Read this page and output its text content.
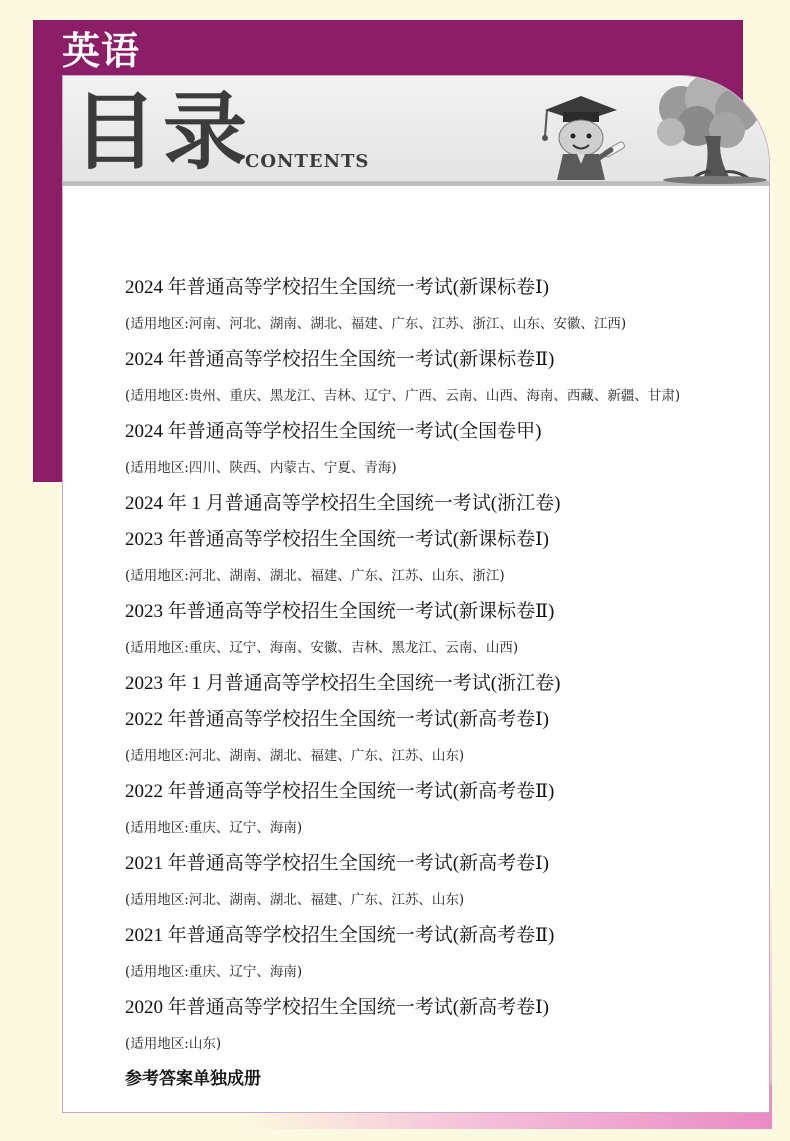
英语
目录
CONTENTS
2024 年普通高等学校招生全国统一考试(新课标卷Ⅰ)
(适用地区:河南、河北、湖南、湖北、福建、广东、江苏、浙江、山东、安徽、江西)
2024 年普通高等学校招生全国统一考试(新课标卷Ⅱ)
(适用地区:贵州、重庆、黑龙江、吉林、辽宁、广西、云南、山西、海南、西藏、新疆、甘肃)
2024 年普通高等学校招生全国统一考试(全国卷甲)
(适用地区:四川、陕西、内蒙古、宁夏、青海)
2024 年 1 月普通高等学校招生全国统一考试(浙江卷)
2023 年普通高等学校招生全国统一考试(新课标卷Ⅰ)
(适用地区:河北、湖南、湖北、福建、广东、江苏、山东、浙江)
2023 年普通高等学校招生全国统一考试(新课标卷Ⅱ)
(适用地区:重庆、辽宁、海南、安徽、吉林、黑龙江、云南、山西)
2023 年 1 月普通高等学校招生全国统一考试(浙江卷)
2022 年普通高等学校招生全国统一考试(新高考卷Ⅰ)
(适用地区:河北、湖南、湖北、福建、广东、江苏、山东)
2022 年普通高等学校招生全国统一考试(新高考卷Ⅱ)
(适用地区:重庆、辽宁、海南)
2021 年普通高等学校招生全国统一考试(新高考卷Ⅰ)
(适用地区:河北、湖南、湖北、福建、广东、江苏、山东)
2021 年普通高等学校招生全国统一考试(新高考卷Ⅱ)
(适用地区:重庆、辽宁、海南)
2020 年普通高等学校招生全国统一考试(新高考卷Ⅰ)
(适用地区:山东)
参考答案单独成册
